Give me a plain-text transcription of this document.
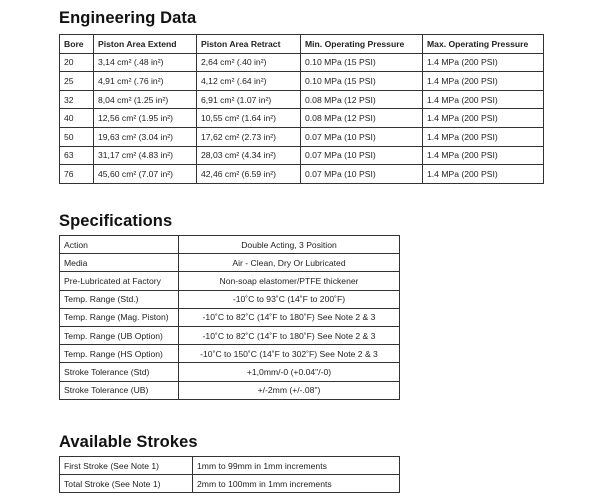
Engineering Data
Bore	Piston Area Extend	Piston Area Retract	Min. Operating Pressure	Max. Operating Pressure
20	3,14 cm² (.48 in²)	2,64 cm² (.40 in²)	0.10 MPa (15 PSI)	1.4 MPa (200 PSI)
25	4,91 cm² (.76 in²)	4,12 cm² (.64 in²)	0.10 MPa (15 PSI)	1.4 MPa (200 PSI)
32	8,04 cm² (1.25 in²)	6,91 cm² (1.07 in²)	0.08 MPa (12 PSI)	1.4 MPa (200 PSI)
40	12,56 cm² (1.95 in²)	10,55 cm² (1.64 in²)	0.08 MPa (12 PSI)	1.4 MPa (200 PSI)
50	19,63 cm² (3.04 in²)	17,62 cm² (2.73 in²)	0.07 MPa (10 PSI)	1.4 MPa (200 PSI)
63	31,17 cm² (4.83 in²)	28,03 cm² (4.34 in²)	0.07 MPa (10 PSI)	1.4 MPa (200 PSI)
76	45,60 cm² (7.07 in²)	42,46 cm² (6.59 in²)	0.07 MPa (10 PSI)	1.4 MPa (200 PSI)
Specifications
Action	Double Acting, 3 Position
Media	Air - Clean, Dry Or Lubricated
Pre-Lubricated at Factory	Non-soap elastomer/PTFE thickener
Temp. Range (Std.)	-10˚C to 93˚C (14˚F to 200˚F)
Temp. Range (Mag. Piston)	-10˚C to 82˚C (14˚F to 180˚F) See Note 2 & 3
Temp. Range (UB Option)	-10˚C to 82˚C (14˚F to 180˚F) See Note 2 & 3
Temp. Range (HS Option)	-10˚C to 150˚C (14˚F to 302˚F) See Note 2 & 3
Stroke Tolerance (Std)	+1,0mm/-0 (+0.04"/-0)
Stroke Tolerance (UB)	+/-2mm (+/-.08")
Available Strokes
First Stroke (See Note 1)	1mm to 99mm in 1mm increments
Total Stroke (See Note 1)	2mm to 100mm in 1mm increments
